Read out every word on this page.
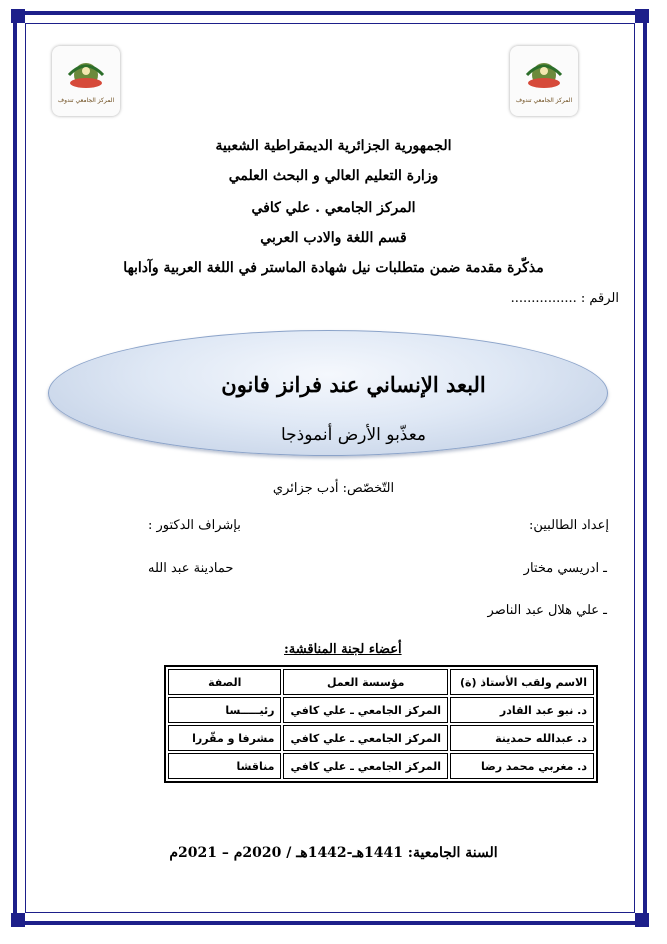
المركز الجامعي تندوف	المركز الجامعي تندوف
الجمهورية الجزائرية الديمقراطية الشعبية
وزارة التعليم العالي و البحث العلمي
المركز الجامعي . علي كافي
قسم اللغة والادب العربي
مذكّرة مقدمة ضمن متطلبات نيل شهادة الماستر في اللغة العربية وآدابها
الرقم : ................
البعد الإنساني عند فرانز فانون
معذّبو الأرض أنموذجا
التّخصّص: أدب جزائري
إعداد الطالبين:
ـ ادريسي مختار
ـ علي هلال عبد الناصر
بإشراف الدكتور :
حمادينة عبد الله
أعضاء لجنة المناقشة:
الاسم ولقب الأستاذ (ة)	مؤسسة العمل	الصفة
د. نبو عبد القادر	المركز الجامعي ـ علي كافي	رئيـــــسا
د. عبدالله حمدينة	المركز الجامعي ـ علي كافي	مشرفا و مقّررا
د. مغربي محمد رضا	المركز الجامعي ـ علي كافي	مناقشا
السنة الجامعية: 1441هـ-1442هـ / 2020م – 2021م
